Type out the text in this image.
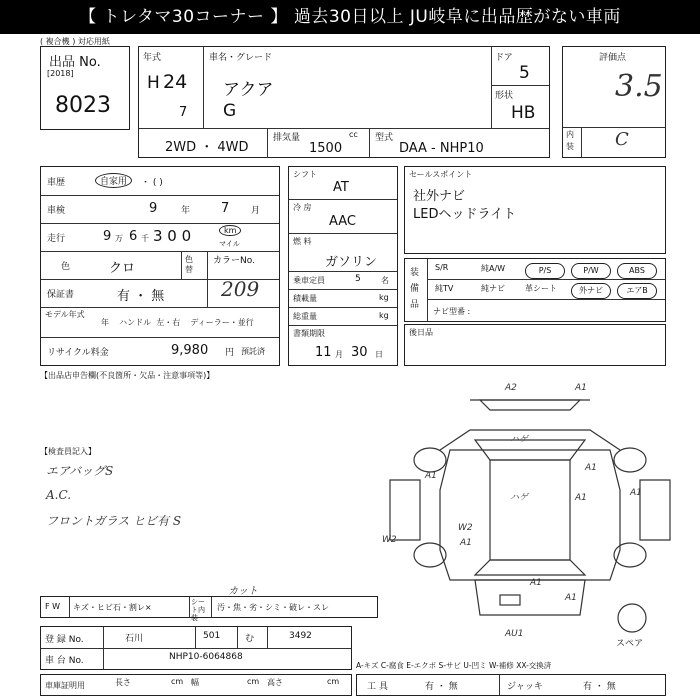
【 トレタマ30コーナー 】 過去30日以上 JU岐阜に出品歴がない車両
( 複合機 ) 対応用紙
出品 No.
[2018]
8023
年式
H 24
7
車名・グレード
アクア
G
ドア
5
形状
HB
2WD ・ 4WD
排気量	cc
1500
型式
DAA - NHP10
評価点
3.5
内装 C
車歴	自家用	・ ( )
車検	9	年 7 月
走行	9 万 6 千 3 0 0	km
マイル
色	クロ
色替
カラーNo.
209
保証書	有 ・ 無
モデル年式
年    ハンドル  左・右    ディーラー・並行
リサイクル料金	9,980 円 預託済
シフト
AT
冷 房
AAC
燃 料
ガソリン
乗車定員	5	名
積載量	kg
総重量	kg
書類期限
11 月 30 日
セールスポイント
社外ナビ
LEDヘッドライト
装備品
ナビ型番 :
S/R	純A/W	P/S	P/W	ABS
純TV	純ナビ	革シート	外ナビ	エアB
後日品
【出品店申告欄(不良箇所・欠品・注意事項等)】
【検査員記入】
エアバッグS
A.C.
フロントガラス ヒビ有 S
A2	A1
ハゲ
ハゲ
A1
A1
A1	A1
A1
A1
W2
W2
A1
AU1
スペア
カット
F W キズ・ヒビ石・割レ×
シート内装
汚・焦・劣・シミ・破レ・スレ
登 録 No.	石川	501	む	3492
車 台 No.	NHP10-6064868
A-キズ C-腐食 E-エクボ S-サビ U-凹ミ W-補修 XX-交換済
車庫証明用	長さ	cm 幅	cm 高さ	cm
工 具	有 ・ 無	ジャッキ	有 ・ 無
